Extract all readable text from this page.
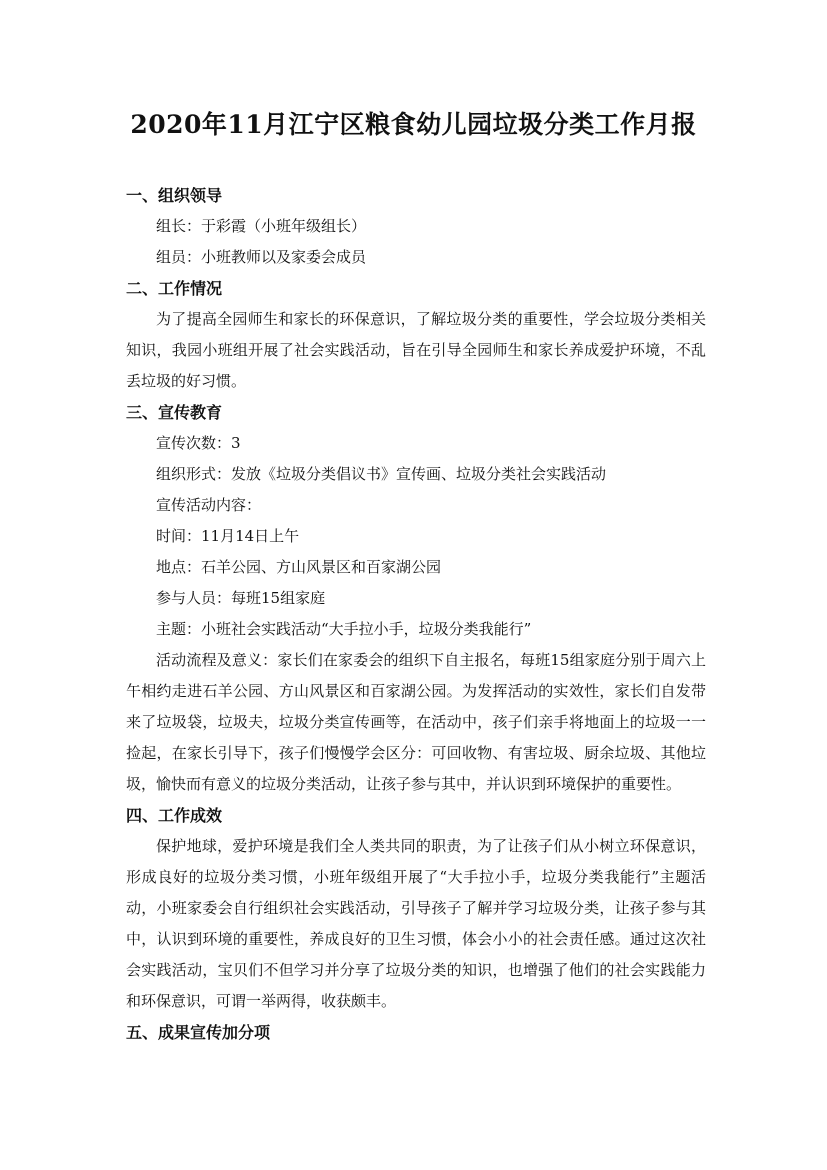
2020年11月江宁区粮食幼儿园垃圾分类工作月报
一、组织领导
组长：于彩霞（小班年级组长）
组员：小班教师以及家委会成员
二、工作情况
为了提高全园师生和家长的环保意识，了解垃圾分类的重要性，学会垃圾分类相关知识，我园小班组开展了社会实践活动，旨在引导全园师生和家长养成爱护环境，不乱丢垃圾的好习惯。
三、宣传教育
宣传次数：3
组织形式：发放《垃圾分类倡议书》宣传画、垃圾分类社会实践活动
宣传活动内容：
时间：11月14日上午
地点：石羊公园、方山风景区和百家湖公园
参与人员：每班15组家庭
主题：小班社会实践活动“大手拉小手，垃圾分类我能行”
活动流程及意义：家长们在家委会的组织下自主报名，每班15组家庭分别于周六上午相约走进石羊公园、方山风景区和百家湖公园。为发挥活动的实效性，家长们自发带来了垃圾袋，垃圾夫，垃圾分类宣传画等，在活动中，孩子们亲手将地面上的垃圾一一捡起，在家长引导下，孩子们慢慢学会区分：可回收物、有害垃圾、厨余垃圾、其他垃圾，愉快而有意义的垃圾分类活动，让孩子参与其中，并认识到环境保护的重要性。
四、工作成效
保护地球，爱护环境是我们全人类共同的职责，为了让孩子们从小树立环保意识，形成良好的垃圾分类习惯，小班年级组开展了“大手拉小手，垃圾分类我能行”主题活动，小班家委会自行组织社会实践活动，引导孩子了解并学习垃圾分类，让孩子参与其中，认识到环境的重要性，养成良好的卫生习惯，体会小小的社会责任感。通过这次社会实践活动，宝贝们不但学习并分享了垃圾分类的知识，也增强了他们的社会实践能力和环保意识，可谓一举两得，收获颇丰。
五、成果宣传加分项
